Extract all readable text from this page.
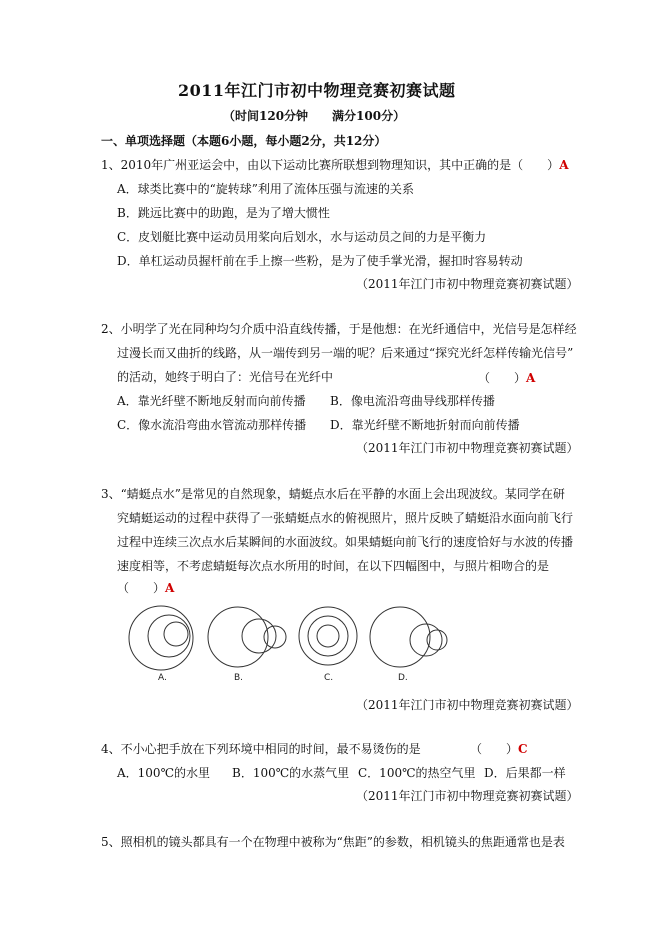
2011年江门市初中物理竞赛初赛试题
（时间120分钟　　满分100分）
一、单项选择题（本题6小题，每小题2分，共12分）
1、2010年广州亚运会中，由以下运动比赛所联想到物理知识，其中正确的是（　　）A
A．球类比赛中的“旋转球”利用了流体压强与流速的关系
B．跳远比赛中的助跑，是为了增大惯性
C．皮划艇比赛中运动员用桨向后划水，水与运动员之间的力是平衡力
D．单杠运动员握杆前在手上擦一些粉，是为了使手掌光滑，握扣时容易转动
（2011年江门市初中物理竞赛初赛试题）
2、小明学了光在同种均匀介质中沿直线传播，于是他想：在光纤通信中，光信号是怎样经
过漫长而又曲折的线路，从一端传到另一端的呢？后来通过“探究光纤怎样传输光信号”
的活动，她终于明白了：光信号在光纤中	（　　）A
A．靠光纤壁不断地反射而向前传播 B．像电流沿弯曲导线那样传播
C．像水流沿弯曲水管流动那样传播 D．靠光纤壁不断地折射而向前传播
（2011年江门市初中物理竞赛初赛试题）
3、“蜻蜓点水”是常见的自然现象，蜻蜓点水后在平静的水面上会出现波纹。某同学在研
究蜻蜓运动的过程中获得了一张蜻蜓点水的俯视照片，照片反映了蜻蜓沿水面向前飞行
过程中连续三次点水后某瞬间的水面波纹。如果蜻蜓向前飞行的速度恰好与水波的传播
速度相等，不考虑蜻蜓每次点水所用的时间，在以下四幅图中，与照片相吻合的是
（　　）A
A.	B.	C.	D.
（2011年江门市初中物理竞赛初赛试题）
4、不小心把手放在下列环境中相同的时间，最不易烫伤的是	（　　）C
A．100℃的水里 B．100℃的水蒸气里 C．100℃的热空气里 D．后果都一样
（2011年江门市初中物理竞赛初赛试题）
5、照相机的镜头都具有一个在物理中被称为“焦距”的参数，相机镜头的焦距通常也是表
